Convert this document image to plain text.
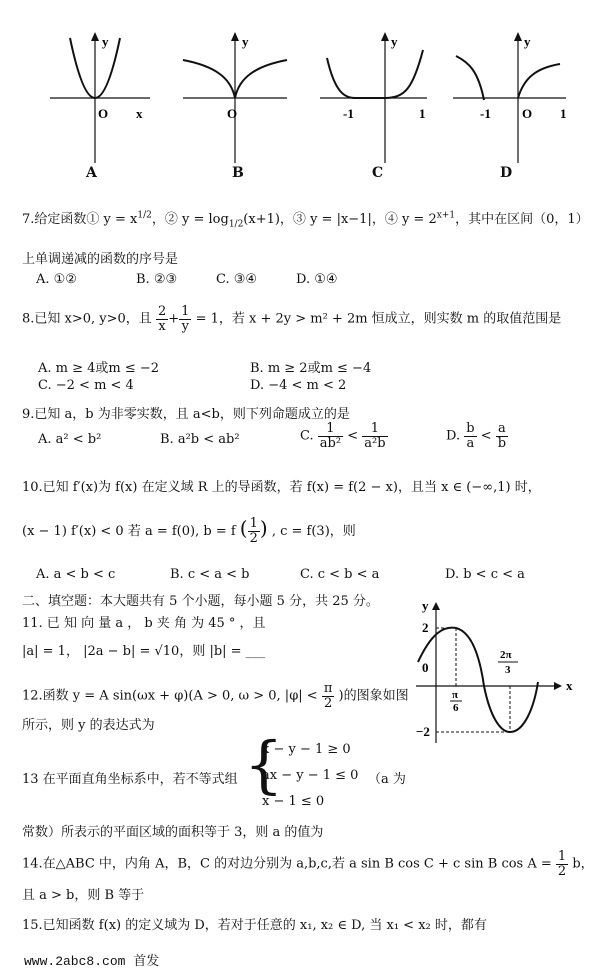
y
x
O
y
O
y
-1	1
y
-1 O 1
A	B	C	D
7.给定函数① $y = x^{1/2}$，② $y = \log_{1/2}(x+1)$，③ y = |x−1|，④ $y = 2^{x+1}$，其中在区间（0，1）
上单调递减的函数的序号是
A. ①②	B. ②③	C. ③④	D. ①④
8.已知 x>0, y>0，且 $\frac{2}{x} + \frac{1}{y} = 1$，若 x + 2y > m² + 2m 恒成立，则实数 m 的取值范围是
A. m ≥ 4或m ≤ −2	B. m ≥ 2或m ≤ −4
C. −2 < m < 4	D. −4 < m < 2
9.已知 a，b 为非零实数，且 a<b，则下列命题成立的是
A. a² < b²	B. a²b < ab²	C. $\frac{1}{\text{ab²}} < \frac{1}{\text{a²b}}$	D. $\frac{b}{a} < \frac{a}{b}$
10.已知 f′(x)为 f(x) 在定义域 R 上的导函数，若 f(x) = f(2 − x)，且当 x ∈ (−∞,1) 时，
(x − 1) f′(x) < 0 若 a = f(0), b = f ( $\frac{1}{2}$ ) , c = f(3)，则
A. a < b < c	B. c < a < b	C. c < b < a	D. b < c < a
二、填空题：本大题共有 5 个小题，每小题 5 分，共 25 分。
11. 已 知 向 量 a ， b 夹 角 为 45 ° ，且
|a| = 1， |2a − b| = √10，则 |b| = ___
y
x
2
0
−2
π
6
2π
3
12.函数 y = A sin(ωx + φ)(A > 0, ω > 0, $|\varphi| < \frac{\pi}{2}$ )的图象如图
所示，则 y 的表达式为
13 在平面直角坐标系中，若不等式组 {
x − y − 1 ≥ 0
ax − y − 1 ≤ 0
x − 1 ≤ 0
（a 为
常数）所表示的平面区域的面积等于 3，则 a 的值为
14.在△ABC 中，内角 A，B，C 的对边分别为 a,b,c,若 a sin B cos C + c sin B $\cos A = \frac{1}{2}$ b，
且 a > b，则 B 等于
15.已知函数 f(x) 的定义域为 D，若对于任意的 x₁, x₂ ∈ D, 当 x₁ < x₂ 时，都有
www.2abc8.com 首发
